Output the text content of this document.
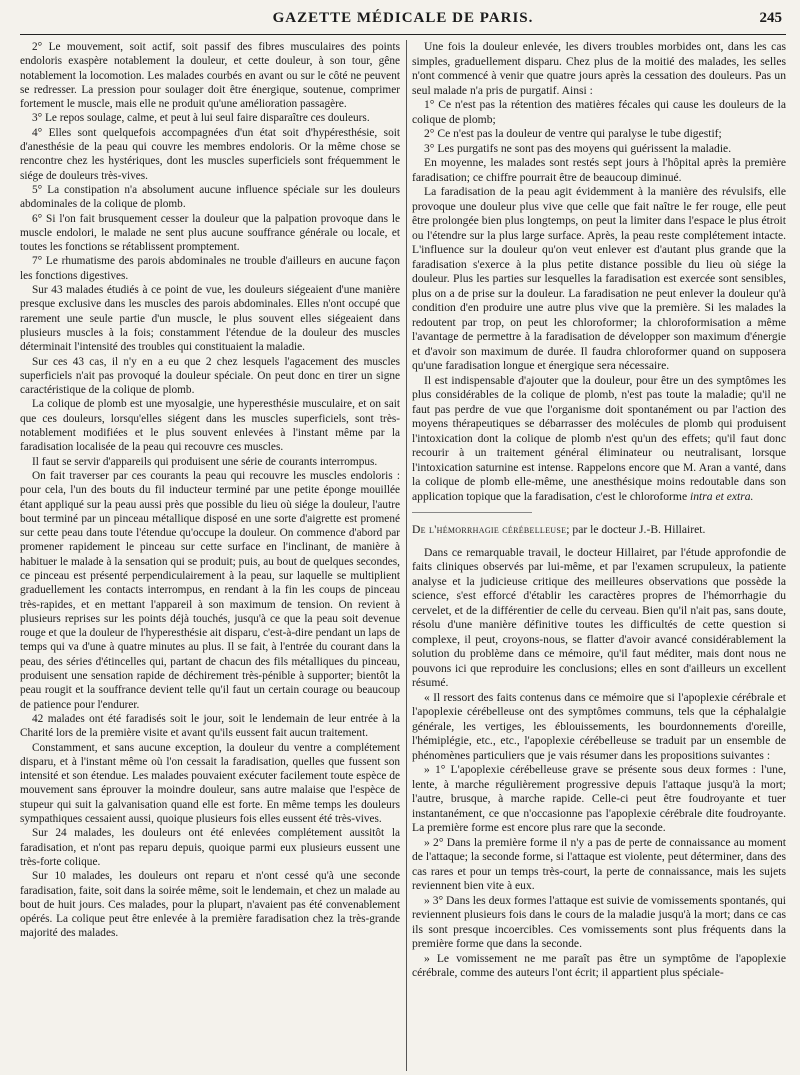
GAZETTE MÉDICALE DE PARIS.	245

2° Le mouvement, soit actif, soit passif des fibres musculaires des points endoloris exaspère notablement la douleur, et cette douleur, à son tour, gêne notablement la locomotion. Les malades courbés en avant ou sur le côté ne peuvent se redresser. La pression pour soulager doit être énergique, soutenue, comprimer fortement le muscle, mais elle ne produit qu'une amélioration passagère.

3° Le repos soulage, calme, et peut à lui seul faire disparaître ces douleurs.

4° Elles sont quelquefois accompagnées d'un état soit d'hypéresthésie, soit d'anesthésie de la peau qui couvre les membres endoloris. Or la même chose se rencontre chez les hystériques, dont les muscles superficiels sont fréquemment le siége de douleurs très-vives.

5° La constipation n'a absolument aucune influence spéciale sur les douleurs abdominales de la colique de plomb.

6° Si l'on fait brusquement cesser la douleur que la palpation provoque dans le muscle endolori, le malade ne sent plus aucune souffrance générale ou locale, et toutes les fonctions se rétablissent promptement.

7° Le rhumatisme des parois abdominales ne trouble d'ailleurs en aucune façon les fonctions digestives.

Sur 43 malades étudiés à ce point de vue, les douleurs siégeaient d'une manière presque exclusive dans les muscles des parois abdominales. Elles n'ont occupé que rarement une seule partie d'un muscle, le plus souvent elles siégeaient dans plusieurs muscles à la fois; constamment l'étendue de la douleur des muscles déterminait l'intensité des troubles qui constituaient la maladie.

Sur ces 43 cas, il n'y en a eu que 2 chez lesquels l'agacement des muscles superficiels n'ait pas provoqué la douleur spéciale. On peut donc en tirer un signe caractéristique de la colique de plomb.

La colique de plomb est une myosalgie, une hyperesthésie musculaire, et on sait que ces douleurs, lorsqu'elles siégent dans les muscles superficiels, sont très-notablement modifiées et le plus souvent enlevées à l'instant même par la faradisation localisée de la peau qui recouvre ces muscles.

Il faut se servir d'appareils qui produisent une série de courants interrompus.

On fait traverser par ces courants la peau qui recouvre les muscles endoloris : pour cela, l'un des bouts du fil inducteur terminé par une petite éponge mouillée étant appliqué sur la peau aussi près que possible du lieu où siége la douleur, l'autre bout terminé par un pinceau métallique disposé en une sorte d'aigrette est promené sur cette peau dans toute l'étendue qu'occupe la douleur. On commence d'abord par promener rapidement le pinceau sur cette surface en l'inclinant, de manière à habituer le malade à la sensation qui se produit; puis, au bout de quelques secondes, ce pinceau est présenté perpendiculairement à la peau, sur laquelle se multiplient graduellement les contacts interrompus, en rendant à la fin les coups de pinceau très-rapides, et en mettant l'appareil à son maximum de tension. On revient à plusieurs reprises sur les points déjà touchés, jusqu'à ce que la peau soit devenue rouge et que la douleur de l'hyperesthésie ait disparu, c'est-à-dire pendant un laps de temps qui va d'une à quatre minutes au plus. Il se fait, à l'entrée du courant dans la peau, des séries d'étincelles qui, partant de chacun des fils métalliques du pinceau, produisent une sensation rapide de déchirement très-pénible à supporter; bientôt la peau rougit et la souffrance devient telle qu'il faut un certain courage ou beaucoup de patience pour l'endurer.

42 malades ont été faradisés soit le jour, soit le lendemain de leur entrée à la Charité lors de la première visite et avant qu'ils eussent fait aucun traitement.

Constamment, et sans aucune exception, la douleur du ventre a complétement disparu, et à l'instant même où l'on cessait la faradisation, quelles que fussent son intensité et son étendue. Les malades pouvaient exécuter facilement toute espèce de mouvement sans éprouver la moindre douleur, sans autre malaise que l'espèce de stupeur qui suit la galvanisation quand elle est forte. En même temps les douleurs sympathiques cessaient aussi, quoique plusieurs fois elles eussent été très-vives.

Sur 24 malades, les douleurs ont été enlevées complétement aussitôt la faradisation, et n'ont pas reparu depuis, quoique parmi eux plusieurs eussent une très-forte colique.

Sur 10 malades, les douleurs ont reparu et n'ont cessé qu'à une seconde faradisation, faite, soit dans la soirée même, soit le lendemain, et chez un malade au bout de huit jours. Ces malades, pour la plupart, n'avaient pas été convenablement opérés. La colique peut être enlevée à la première faradisation chez la très-grande majorité des malades.

Une fois la douleur enlevée, les divers troubles morbides ont, dans les cas simples, graduellement disparu. Chez plus de la moitié des malades, les selles n'ont commencé à venir que quatre jours après la cessation des douleurs. Pas un seul malade n'a pris de purgatif. Ainsi :

1° Ce n'est pas la rétention des matières fécales qui cause les douleurs de la colique de plomb;

2° Ce n'est pas la douleur de ventre qui paralyse le tube digestif;

3° Les purgatifs ne sont pas des moyens qui guérissent la maladie.

En moyenne, les malades sont restés sept jours à l'hôpital après la première faradisation; ce chiffre pourrait être de beaucoup diminué.

La faradisation de la peau agit évidemment à la manière des révulsifs, elle provoque une douleur plus vive que celle que fait naître le fer rouge, elle peut être prolongée bien plus longtemps, on peut la limiter dans l'espace le plus étroit ou l'étendre sur la plus large surface. Après, la peau reste complétement intacte. L'influence sur la douleur qu'on veut enlever est d'autant plus grande que la faradisation s'exerce à la plus petite distance possible du lieu où siége la douleur. Plus les parties sur lesquelles la faradisation est exercée sont sensibles, plus on a de prise sur la douleur. La faradisation ne peut enlever la douleur qu'à condition d'en produire une autre plus vive que la première. Si les malades la redoutent par trop, on peut les chloroformer; la chloroformisation a même l'avantage de permettre à la faradisation de développer son maximum d'énergie et d'avoir son maximum de durée. Il faudra chloroformer quand on supposera qu'une faradisation longue et énergique sera nécessaire.

Il est indispensable d'ajouter que la douleur, pour être un des symptômes les plus considérables de la colique de plomb, n'est pas toute la maladie; qu'il ne faut pas perdre de vue que l'organisme doit spontanément ou par l'action des moyens thérapeutiques se débarrasser des molécules de plomb qui produisent l'intoxication dont la colique de plomb n'est qu'un des effets; qu'il faut donc recourir à un traitement général éliminateur ou neutralisant, lorsque l'intoxication saturnine est intense. Rappelons encore que M. Aran a vanté, dans la colique de plomb elle-même, une anesthésique moins redoutable dans son application topique que la faradisation, c'est le chloroforme intra et extra.

De l'hémorrhagie cérébelleuse; par le docteur J.-B. Hillairet.

Dans ce remarquable travail, le docteur Hillairet, par l'étude approfondie de faits cliniques observés par lui-même, et par l'examen scrupuleux, la patiente analyse et la judicieuse critique des meilleures observations que possède la science, s'est efforcé d'établir les caractères propres de l'hémorrhagie du cervelet, et de la différentier de celle du cerveau. Bien qu'il n'ait pas, sans doute, résolu d'une manière définitive toutes les difficultés de cette question si complexe, il peut, croyons-nous, se flatter d'avoir avancé considérablement la solution du problème dans ce mémoire, qu'il faut méditer, mais dont nous ne pouvons ici que reproduire les conclusions; elles en sont d'ailleurs un excellent résumé.

« Il ressort des faits contenus dans ce mémoire que si l'apoplexie cérébrale et l'apoplexie cérébelleuse ont des symptômes communs, tels que la céphalalgie générale, les vertiges, les éblouissements, les bourdonnements d'oreille, l'hémiplégie, etc., etc., l'apoplexie cérébelleuse se traduit par un ensemble de phénomènes particuliers que je vais résumer dans les propositions suivantes :

» 1° L'apoplexie cérébelleuse grave se présente sous deux formes : l'une, lente, à marche régulièrement progressive depuis l'attaque jusqu'à la mort; l'autre, brusque, à marche rapide. Celle-ci peut être foudroyante et tuer instantanément, ce que n'occasionne pas l'apoplexie cérébrale dite foudroyante. La première forme est encore plus rare que la seconde.

» 2° Dans la première forme il n'y a pas de perte de connaissance au moment de l'attaque; la seconde forme, si l'attaque est violente, peut déterminer, dans des cas rares et pour un temps très-court, la perte de connaissance, mais les sujets reviennent bien vite à eux.

» 3° Dans les deux formes l'attaque est suivie de vomissements spontanés, qui reviennent plusieurs fois dans le cours de la maladie jusqu'à la mort; dans ce cas ils sont presque incoercibles. Ces vomissements sont plus fréquents dans la première forme que dans la seconde.

» Le vomissement ne me paraît pas être un symptôme de l'apoplexie cérébrale, comme des auteurs l'ont écrit; il appartient plus spéciale-
